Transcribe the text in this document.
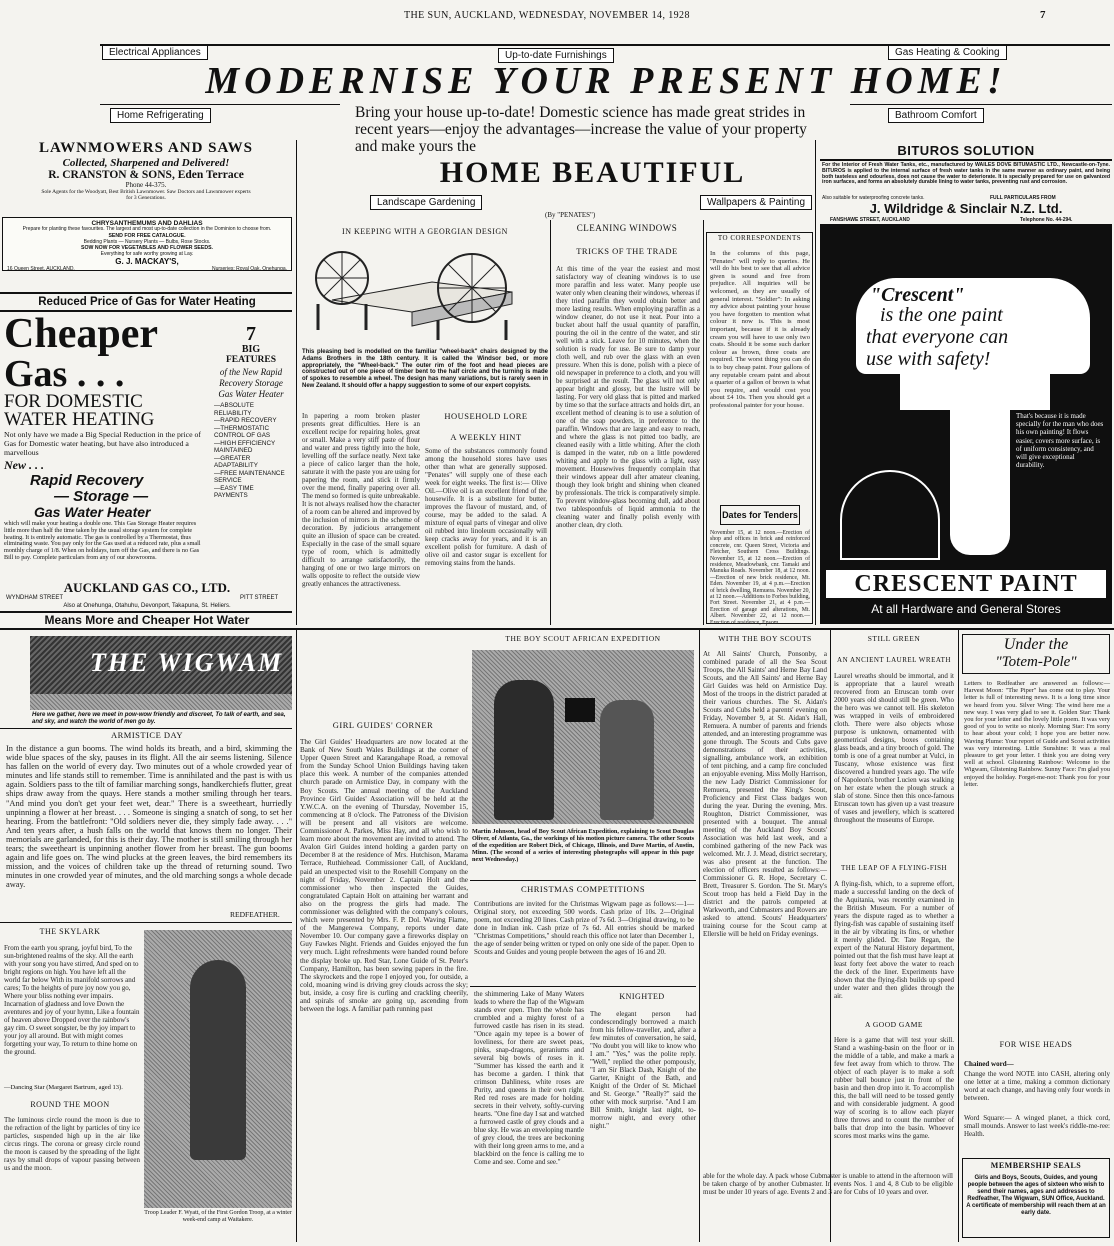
THE SUN, AUCKLAND, WEDNESDAY, NOVEMBER 14, 1928	7
Electrical Appliances	Up-to-date Furnishings	Gas Heating & Cooking
MODERNISE YOUR PRESENT HOME!
Home Refrigerating	Bathroom Comfort
Bring your house up-to-date! Domestic science has made great strides in recent years—enjoy the advantages—increase the value of your property and make yours the
HOME BEAUTIFUL
Landscape Gardening	Wallpapers & Painting
(By "PENATES")
LAWNMOWERS AND SAWS
Collected, Sharpened and Delivered!
R. CRANSTON & SONS, Eden Terrace
Phone 44-375.
Sole Agents for the Woodyatt, Best British Lawnmower. Saw Doctors and Lawnmower experts for 3 Generations.
CHRYSANTHEMUMS AND DAHLIAS
Prepare for planting these favourites. The largest and most up-to-date collection in the Dominion to choose from.
SEND FOR FREE CATALOGUE.
Bedding Plants — Nursery Plants — Bulbs, Rose Stocks.
SOW NOW FOR VEGETABLES AND FLOWER SEEDS.
Everything for safe worthy growing at Lay.
G. J. MACKAY'S,
16 Queen Street, AUCKLAND.	Nurseries: Royal Oak, Onehunga.
Reduced Price of Gas for Water Heating
Cheaper
Gas . . .
FOR DOMESTIC
WATER HEATING
Not only have we made a Big Special Reduction in the price of Gas for Domestic water heating, but have also introduced a marvellous
New . . .
Rapid Recovery
— Storage —
Gas Water Heater
which will make your heating a double one. This Gas Storage Heater requires little more than half the time taken by the usual storage system for complete heating. It is entirely automatic. The gas is controlled by a Thermostat, thus eliminating waste. You pay only for the Gas used at a reduced rate, plus a small monthly charge of 1/8. When on holidays, turn off the Gas, and there is no Gas Bill to pay. Complete particulars from any of our showrooms.
7
BIG
FEATURES
of the New Rapid Recovery Storage Gas Water Heater
—ABSOLUTE RELIABILITY
—RAPID RECOVERY
—THERMOSTATIC CONTROL OF GAS
—HIGH EFFICIENCY MAINTAINED
—GREATER ADAPTABILITY
—FREE MAINTENANCE SERVICE
—EASY TIME PAYMENTS
AUCKLAND GAS CO., LTD.
WYNDHAM STREET	PITT STREET
Also at Onehunga, Otahuhu, Devonport, Takapuna, St. Heliers.
Means More and Cheaper Hot Water
IN KEEPING WITH A GEORGIAN DESIGN
This pleasing bed is modelled on the familiar "wheel-back" chairs designed by the Adams Brothers in the 18th century. It is called the Windsor bed, or more appropriately, the "Wheel-back." The outer rim of the foot and head pieces are constructed out of one piece of timber bent to the half circle and the turning is made of spokes to resemble a wheel. The design has many variations, but is rarely seen in New Zealand. It should offer a happy suggestion to some of our expert copyists.
In papering a room broken plaster presents great difficulties. Here is an excellent recipe for repairing holes, great or small. Make a very stiff paste of flour and water and press tightly into the hole, levelling off the surface neatly. Next take a piece of calico larger than the hole, saturate it with the paste you are using for papering the room, and stick it firmly over the mend, finally papering over all. The mend so formed is quite unbreakable. It is not always realised how the character of a room can be altered and improved by the inclusion of mirrors in the scheme of decoration. By judicious arrangement quite an illusion of space can be created. Especially in the case of the small square type of room, which is admittedly difficult to arrange satisfactorily, the hanging of one or two large mirrors on walls opposite to reflect the outside view greatly enhances the attractiveness.
HOUSEHOLD LORE
A WEEKLY HINT
Some of the substances commonly found among the household stores have uses other than what are generally supposed. "Penates" will supply one of these each week for eight weeks. The first is:— Olive Oil.—Olive oil is an excellent friend of the housewife. It is a substitute for butter, improves the flavour of mustard, and, of course, may be added to the salad. A mixture of equal parts of vinegar and olive oil rubbed into linoleum occasionally will keep cracks away for years, and it is an excellent polish for furniture. A dash of olive oil and castor sugar is excellent for removing stains from the hands.
CLEANING WINDOWS
TRICKS OF THE TRADE
At this time of the year the easiest and most satisfactory way of cleaning windows is to use more paraffin and less water. Many people use water only when cleaning their windows, whereas if they tried paraffin they would obtain better and more lasting results. When employing paraffin as a window cleaner, do not use it neat. Pour into a bucket about half the usual quantity of paraffin, pouring the oil in the centre of the water, and stir well with a stick. Leave for 10 minutes, when the solution is ready for use. Be sure to damp your cloth well, and rub over the glass with an even pressure. When this is done, polish with a piece of old newspaper in preference to a cloth, and you will be surprised at the result. The glass will not only appear bright and glossy, but the lustre will be lasting. For very old glass that is pitted and marked by time so that the surface attracts and holds dirt, an excellent method of cleaning is to use a solution of one of the soap powders, in preference to the paraffin. Windows that are large and easy to reach, and where the glass is not pitted too badly, are cleaned easily with a little whiting. After the cloth is damped in the water, rub on a little powdered whiting and apply to the glass with a light, easy movement. Housewives frequently complain that their windows appear dull after amateur cleaning, though they look bright and shining when cleaned by professionals. The trick is comparatively simple. To prevent window-glass becoming dull, add about two tablespoonfuls of liquid ammonia to the cleaning water and finally polish evenly with another clean, dry cloth.
TO CORRESPONDENTS
In the columns of this page, "Penates" will reply to queries. He will do his best to see that all advice given is sound and free from prejudice. All inquiries will be welcomed, as they are usually of general interest. "Soldier": In asking my advice about painting your house you have forgotten to mention what colour it now is. This is most important, because if it is already cream you will have to use only two coats. Should it be some such darker colour as brown, three coats are required. The worst thing you can do is to buy cheap paint. Four gallons of any reputable cream paint and about a quarter of a gallon of brown is what you require, and would cost you about £4 10s. Then you should get a professional painter for your house.
Dates for Tenders
November 15, at 12 noon.—Erection of shop and offices in brick and reinforced concrete, cnr. Queen Street, Victoria and Fletcher, Southern Cross Buildings. November 15, at 12 noon.—Erection of residence, Meadowbank, cnr. Tamaki and Manuka Roads. November 18, at 12 noon.—Erection of new brick residence, Mt. Eden. November 19, at 4 p.m.—Erection of brick dwelling, Remuera. November 20, at 12 noon.—Additions to Forbes building, Fort Street. November 21, at 4 p.m.—Erection of garage and alterations, Mt. Albert. November 22, at 12 noon.—Erection of residence, Epsom.
BITUROS SOLUTION
For the Interior of Fresh Water Tanks, etc., manufactured by WAILES DOVE BITUMASTIC LTD., Newcastle-on-Tyne. BITUROS is applied to the internal surface of fresh water tanks in the same manner as ordinary paint, and being both tasteless and odourless, does not cause the water to deteriorate. It is specially prepared for use on galvanized iron surfaces, and forms an absolutely durable lining to water tanks, preventing rust and corrosion.
Also suitable for waterproofing concrete tanks.	FULL PARTICULARS FROM
J. Wildridge & Sinclair N.Z. Ltd.
FANSHAWE STREET, AUCKLAND	Telephone No. 44-294.
"Crescent"
is the one paint
that everyone can
use with safety!
That's because it is made specially for the man who does his own painting! It flows easier, covers more surface, is of uniform consistency, and will give exceptional durability.
CRESCENT PAINT
At all Hardware and General Stores
THE WIGWAM
Here we gather, here we meet in pow-wow friendly and discreet, To talk of earth, and sea, and sky, and watch the world of men go by.
ARMISTICE DAY
In the distance a gun booms. The wind holds its breath, and a bird, skimming the wide blue spaces of the sky, pauses in its flight. All the air seems listening. Silence has fallen on the world of every day. Two minutes out of a whole crowded year of minutes and life stands still to remember. Time is annihilated and the past is with us again. Soldiers pass to the tilt of familiar marching songs, handkerchiefs flutter, great ships draw away from the quays. Here stands a mother smiling through her tears. "And mind you don't get your feet wet, dear." There is a sweetheart, hurriedly unpinning a flower at her breast. . . . Someone is singing a snatch of song, to set her hearing. From the battlefront: "Old soldiers never die, they simply fade away. . . ." And ten years after, a hush falls on the world that knows them no longer. Their memorials are garlanded, for this is their day. The mother is still smiling through her tears; the sweetheart is unpinning another flower from her breast. The gun booms again and life goes on. The wind plucks at the green leaves, the bird remembers its mission, and the voices of children take up the thread of returning sound. Two minutes in one crowded year of minutes, and the old marching songs a whole decade away.
REDFEATHER.
THE SKYLARK
From the earth you sprang, joyful bird, To the sun-brightened realms of the sky. All the earth with your song you have stirred, And sped on to bright regions on high. You have left all the world far below With its manifold sorrows and cares; To the heights of pure joy now you go, Where your bliss nothing ever impairs. Incarnation of gladness and love Down the aventures and joy of your hymn, Like a fountain of heaven above Dropped over the rainbow's gay rim. O sweet songster, be thy joy impart to your joy all around. But with might comes forgetting your way, To return to thine home on the ground.
—Dancing Star (Margaret Bartrum, aged 13).
ROUND THE MOON
The luminous circle round the moon is due to the refraction of the light by particles of tiny ice particles, suspended high up in the air like circus rings. The corona or greasy circle round the moon is caused by the spreading of the light rays by small drops of vapour passing between us and the moon.
Troop Leader F. Wyatt, of the First Gordon Troop, at a winter week-end camp at Waitakere.
GIRL GUIDES' CORNER
The Girl Guides' Headquarters are now located at the Bank of New South Wales Buildings at the corner of Upper Queen Street and Karangahape Road, a removal from the Sunday School Union Buildings having taken place this week. A number of the companies attended church parade on Armistice Day, in company with the Boy Scouts. The annual meeting of the Auckland Province Girl Guides' Association will be held at the Y.W.C.A. on the evening of Thursday, November 15, commencing at 8 o'clock. The Patroness of the Division will be present and all visitors are welcome. Commissioner A. Parkes, Miss Hay, and all who wish to learn more about the movement are invited to attend. The Avalon Girl Guides intend holding a garden party on December 8 at the residence of Mrs. Hutchison, Marama Terrace, Ruthiehead. Commissioner Call, of Auckland, paid an unexpected visit to the Rosehill Company on the night of Friday, November 2. Captain Holt and the commissioner who then inspected the Guides, congratulated Captain Holt on attaining her warrant and also on the progress the girls had made. The commissioner was delighted with the company's colours, which were presented by Mrs. F. P. Dol. Waving Flame, of the Mangerewa Company, reports under date November 10. Our company gave a fireworks display on Guy Fawkes Night. Friends and Guides enjoyed the fun very much. Light refreshments were handed round before the display broke up. Red Star, Lone Guide of St. Peter's Company, Hamilton, has been sewing papers in the fire. The skyrockets and the rope I enjoyed you, for outside, a cold, moaning wind is driving grey clouds across the sky; but, inside, a cosy fire is curling and crackling cheerily, and spirals of smoke are going up, ascending from between the logs. A familiar path running past
THE BOY SCOUT AFRICAN EXPEDITION
Martin Johnson, head of Boy Scout African Expedition, explaining to Scout Douglas Oliver, of Atlanta, Ga., the workings of his motion picture camera. The other Scouts of the expedition are Robert Dick, of Chicago, Illinois, and Dave Martin, of Austin, Minn. (The second of a series of interesting photographs will appear in this page next Wednesday.)
CHRISTMAS COMPETITIONS
Contributions are invited for the Christmas Wigwam page as follows:—1—Original story, not exceeding 500 words. Cash prize of 10s. 2—Original poem, not exceeding 20 lines. Cash prize of 7s 6d. 3—Original drawing, to be done in Indian ink. Cash prize of 7s 6d. All entries should be marked "Christmas Competitions," should reach this office not later than December 1, the age of sender being written or typed on only one side of the paper. Open to Scouts and Guides and young people between the ages of 16 and 20.
the shimmering Lake of Many Waters leads to where the flap of the Wigwam stands ever open. Then the whole has crumbled and a mighty forest of a furrowed castle has risen in its stead. "Once again my tepee is a bower of loveliness, for there are sweet peas, pinks, snap-dragons, geraniums and several big bowls of roses in it. "Summer has kissed the earth and it has become a garden. I think that crimson Dahliness, white roses are Purity, and queens in their own right. Red red roses are made for holding secrets in their velvety, softly-curving hearts. "One fine day I sat and watched a furrowed castle of grey clouds and a blue sky. He was an enveloping mantle of grey cloud, the trees are beckoning with their long green arms to me, and a blackbird on the fence is calling me to Come and see. Come and see."
KNIGHTED
The elegant person had condescendingly borrowed a match from his fellow-traveller, and, after a few minutes of conversation, he said, "No doubt you will like to know who I am." "Yes," was the polite reply. "Well," replied the other pompously, "I am Sir Black Dash, Knight of the Garter, Knight of the Bath, and Knight of the Order of St. Michael and St. George." "Really?" said the other with mock surprise. "And I am Bill Smith, knight last night, to-morrow night, and every other night."
WITH THE BOY SCOUTS
At All Saints' Church, Ponsonby, a combined parade of all the Sea Scout Troops, the All Saints' and Herne Bay Land Scouts, and the All Saints' and Herne Bay Girl Guides was held on Armistice Day. Most of the troops in the district paraded at their various churches. The St. Aidan's Scouts and Cubs held a parents' evening on Friday, November 9, at St. Aidan's Hall, Remuera. A number of parents and friends attended, and an interesting programme was gone through. The Scouts and Cubs gave demonstrations of their activities, signalling, ambulance work, an exhibition of tent pitching, and a camp fire concluded an enjoyable evening. Miss Molly Harrison, the new Lady District Commissioner for Remuera, presented the King's Scout, Proficiency and First Class badges won during the year. During the evening, Mrs. Roughton, District Commissioner, was presented with a bouquet. The annual meeting of the Auckland Boy Scouts' Association was held last week, and a combined gathering of the new Pack was welcomed. Mr. J. J. Mead, district secretary, was also present at the function. The election of officers resulted as follows:—Commissioner G. R. Hope, Secretary C. Brett, Treasurer S. Gordon. The St. Mary's Scout troop has held a Field Day in the district and the patrols competed at Warkworth, and Cubmasters and Rovers are asked to attend. Scouts' Headquarters' training course for the Scout camp at Ellerslie will be held on Friday evenings.
STILL GREEN
AN ANCIENT LAUREL WREATH
Laurel wreaths should be immortal, and it is appropriate that a laurel wreath recovered from an Etruscan tomb over 2000 years old should still be green. Who the hero was we cannot tell. His skeleton was wrapped in veils of embroidered cloth. There were also objects whose purpose is unknown, ornamented with geometrical designs, boxes containing glass beads, and a tiny brooch of gold. The tomb is one of a great number at Vulci, in Tuscany, whose existence was first discovered a hundred years ago. The wife of Napoleon's brother Lucien was walking on her estate when the plough struck a slab of stone. Since then this once-famous Etruscan town has given up a vast treasure of vases and jewellery, which is scattered throughout the museums of Europe.
THE LEAP OF A FLYING-FISH
A flying-fish, which, to a supreme effort, made a successful landing on the deck of the Aquitania, was recently examined in the British Museum. For a number of years the dispute raged as to whether a flying-fish was capable of sustaining itself in the air by vibrating its fins, or whether it merely glided. Dr. Tate Regan, the expert of the Natural History department, pointed out that the fish must have leapt at least forty feet above the water to reach the deck of the liner. Experiments have shown that the flying-fish builds up speed under water and then glides through the air.
A GOOD GAME
Here is a game that will test your skill. Stand a washing-basin on the floor or in the middle of a table, and make a mark a few feet away from which to throw. The object of each player is to make a soft rubber ball bounce just in front of the basin and then drop into it. To accomplish this, the ball will need to be tossed gently and with considerable judgment. A good way of scoring is to allow each player three throws and to count the number of balls that drop into the basin. Whoever scores most marks wins the game.
able for the whole day. A pack whose Cubmaster is unable to attend in the afternoon will be taken charge of by another Cubmaster. In events Nos. 1 and 4, 8 Cub to be eligible must be under 10 years of age. Events 2 and 3 are for Cubs of 10 years and over.
Under the
"Totem-Pole"
Letters to Redfeather are answered as follows:— Harvest Moon: "The Piper" has come out to play. Your letter is full of interesting news. It is a long time since we heard from you. Silver Wing: The wind here me a new way. I was very glad to see it. Golden Star: Thank you for your letter and the lovely little poem. It was very good of you to write so nicely. Morning Star: I'm sorry to hear about your cold; I hope you are better now. Waving Plume: Your report of Guide and Scout activities was very interesting. Little Sunshine: It was a real pleasure to get your letter. I think you are doing very well at school. Glistening Rainbow: Welcome to the Wigwam, Glistening Rainbow. Sunny Face: I'm glad you enjoyed the holiday. Forget-me-not: Thank you for your letter.
FOR WISE HEADS
Chained word—
Change the word NOTE into CASH, altering only one letter at a time, making a common dictionary word at each change, and having only four words in between.
Word Square:— A winged planet, a thick cord, small mounds. Answer to last week's riddle-me-ree: Health.
MEMBERSHIP SEALS
Girls and Boys, Scouts, Guides, and young people between the ages of sixteen who wish to send their names, ages and addresses to Redfeather, The Wigwam, SUN Office, Auckland. A certificate of membership will reach them at an early date.
J. Wildridge & Sinclair N.Z. Ltd.
